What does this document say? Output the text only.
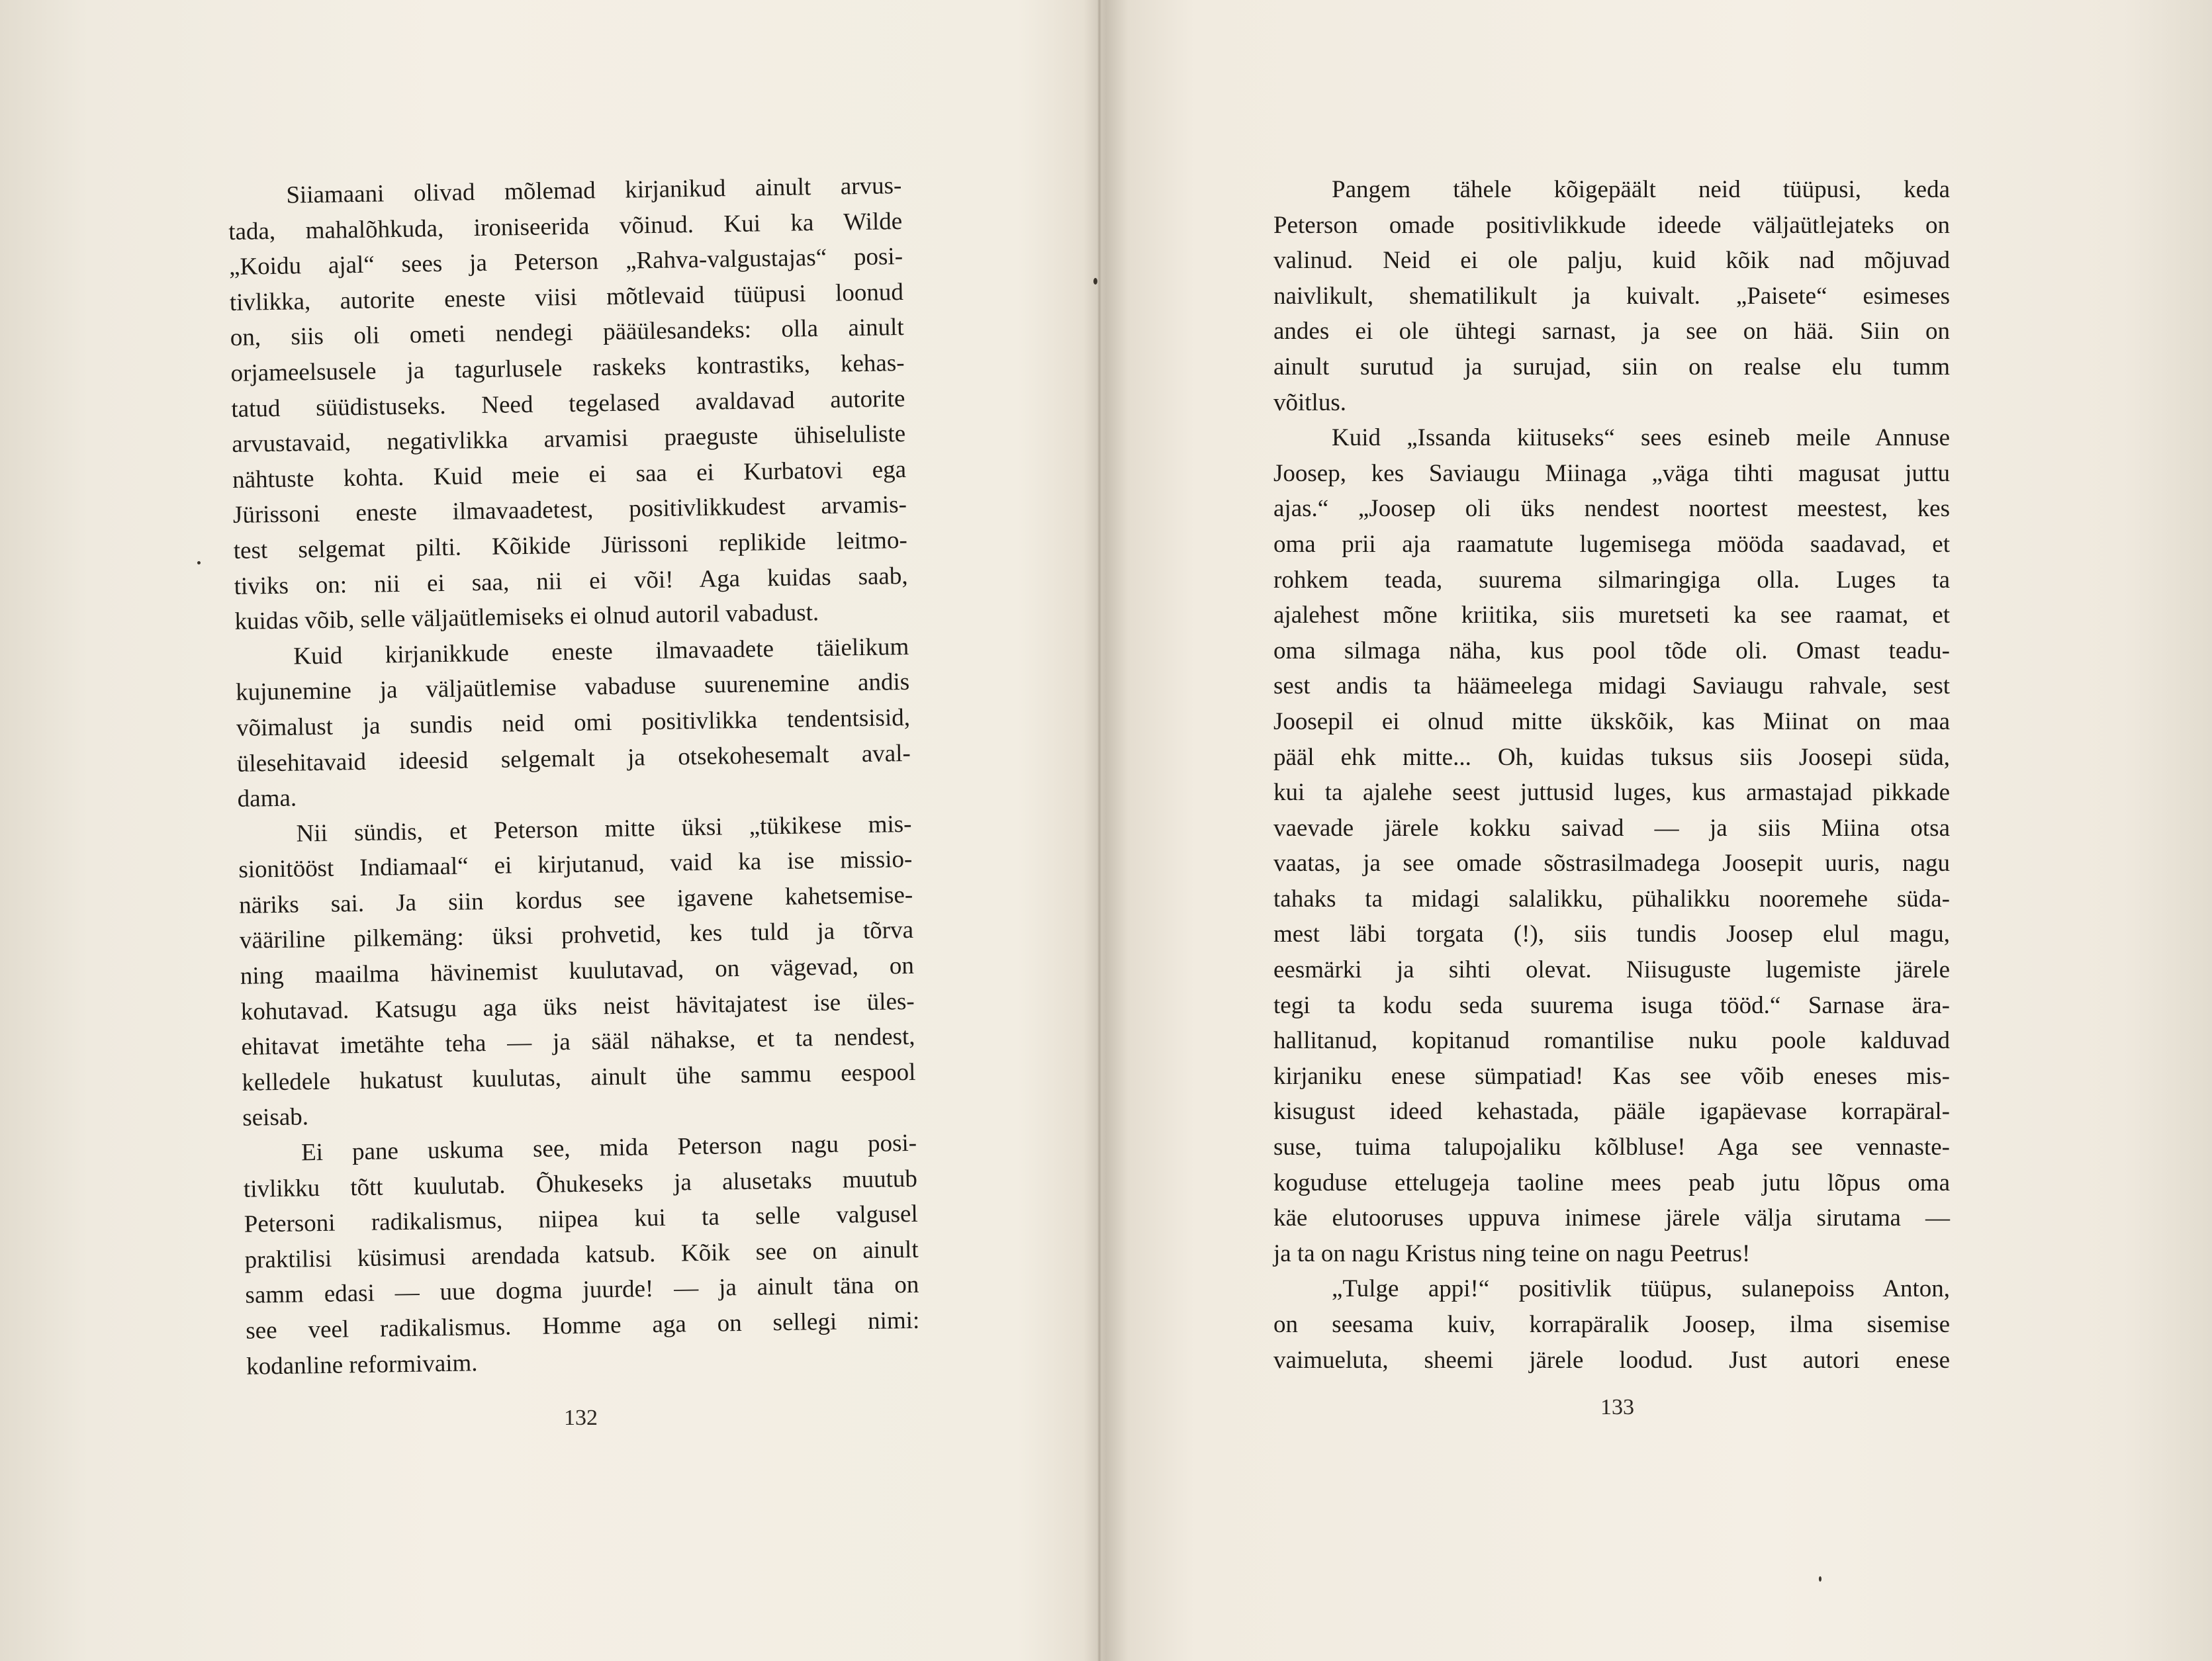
Siiamaani olivad mõlemad kirjanikud ainult arvus-
tada, mahalõhkuda, ironiseerida võinud. Kui ka Wilde
„Koidu ajal“ sees ja Peterson „Rahva-valgustajas“ posi-
tivlikka, autorite eneste viisi mõtlevaid tüüpusi loonud
on, siis oli ometi nendegi pääülesandeks: olla ainult
orjameelsusele ja tagurlusele raskeks kontrastiks, kehas-
tatud süüdistuseks. Need tegelased avaldavad autorite
arvustavaid, negativlikka arvamisi praeguste ühiseluliste
nähtuste kohta. Kuid meie ei saa ei Kurbatovi ega
Jürissoni eneste ilmavaadetest, positivlikkudest arvamis-
test selgemat pilti. Kõikide Jürissoni replikide leitmo-
tiviks on: nii ei saa, nii ei või! Aga kuidas saab,
kuidas võib, selle väljaütlemiseks ei olnud autoril vabadust.
Kuid kirjanikkude eneste ilmavaadete täielikum
kujunemine ja väljaütlemise vabaduse suurenemine andis
võimalust ja sundis neid omi positivlikka tendentsisid,
ülesehitavaid ideesid selgemalt ja otsekohesemalt aval-
dama.
Nii sündis, et Peterson mitte üksi „tükikese mis-
sionitööst Indiamaal“ ei kirjutanud, vaid ka ise missio-
näriks sai. Ja siin kordus see igavene kahetsemise-
vääriline pilkemäng: üksi prohvetid, kes tuld ja tõrva
ning maailma hävinemist kuulutavad, on vägevad, on
kohutavad. Katsugu aga üks neist hävitajatest ise üles-
ehitavat imetähte teha — ja sääl nähakse, et ta nendest,
kelledele hukatust kuulutas, ainult ühe sammu eespool
seisab.
Ei pane uskuma see, mida Peterson nagu posi-
tivlikku tõtt kuulutab. Õhukeseks ja alusetaks muutub
Petersoni radikalismus, niipea kui ta selle valgusel
praktilisi küsimusi arendada katsub. Kõik see on ainult
samm edasi — uue dogma juurde! — ja ainult täna on
see veel radikalismus. Homme aga on sellegi nimi:
kodanline reformivaim.
132
Pangem tähele kõigepäält neid tüüpusi, keda
Peterson omade positivlikkude ideede väljaütlejateks on
valinud. Neid ei ole palju, kuid kõik nad mõjuvad
naivlikult, shematilikult ja kuivalt. „Paisete“ esimeses
andes ei ole ühtegi sarnast, ja see on hää. Siin on
ainult surutud ja surujad, siin on realse elu tumm
võitlus.
Kuid „Issanda kiituseks“ sees esineb meile Annuse
Joosep, kes Saviaugu Miinaga „väga tihti magusat juttu
ajas.“ „Joosep oli üks nendest noortest meestest, kes
oma prii aja raamatute lugemisega mööda saadavad, et
rohkem teada, suurema silmaringiga olla. Luges ta
ajalehest mõne kriitika, siis muretseti ka see raamat, et
oma silmaga näha, kus pool tõde oli. Omast teadu-
sest andis ta häämeelega midagi Saviaugu rahvale, sest
Joosepil ei olnud mitte ükskõik, kas Miinat on maa
pääl ehk mitte... Oh, kuidas tuksus siis Joosepi süda,
kui ta ajalehe seest juttusid luges, kus armastajad pikkade
vaevade järele kokku saivad — ja siis Miina otsa
vaatas, ja see omade sõstrasilmadega Joosepit uuris, nagu
tahaks ta midagi salalikku, pühalikku nooremehe süda-
mest läbi torgata (!), siis tundis Joosep elul magu,
eesmärki ja sihti olevat. Niisuguste lugemiste järele
tegi ta kodu seda suurema isuga tööd.“ Sarnase ära-
hallitanud, kopitanud romantilise nuku poole kalduvad
kirjaniku enese sümpatiad! Kas see võib eneses mis-
kisugust ideed kehastada, pääle igapäevase korrapäral-
suse, tuima talupojaliku kõlbluse! Aga see vennaste-
koguduse ettelugeja taoline mees peab jutu lõpus oma
käe elutooruses uppuva inimese järele välja sirutama —
ja ta on nagu Kristus ning teine on nagu Peetrus!
„Tulge appi!“ positivlik tüüpus, sulanepoiss Anton,
on seesama kuiv, korrapäralik Joosep, ilma sisemise
vaimueluta, sheemi järele loodud. Just autori enese
133
